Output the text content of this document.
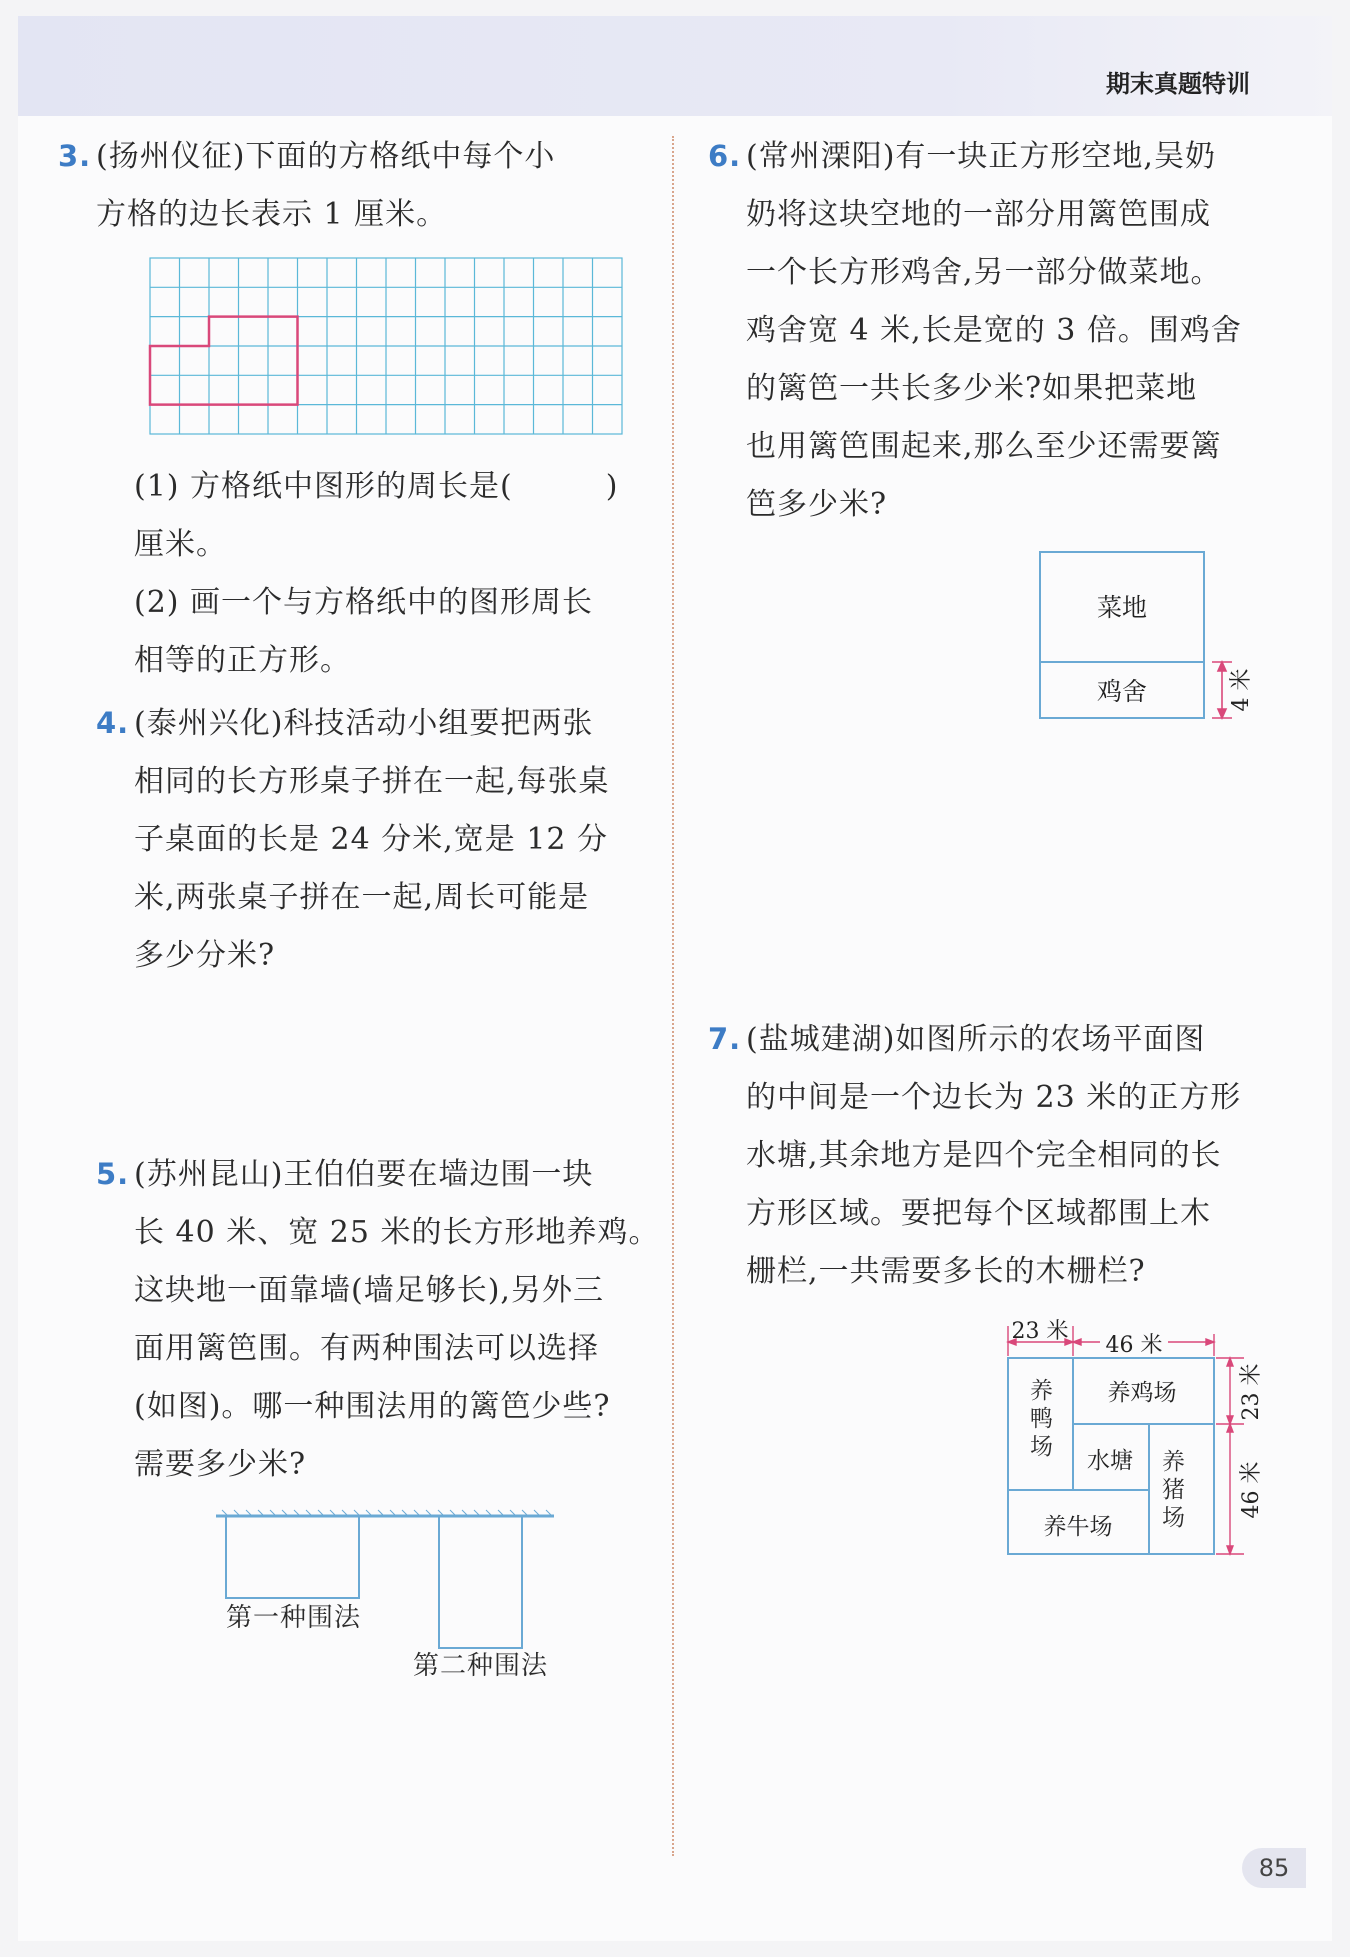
期末真题特训
3. (扬州仪征)下面的方格纸中每个小
方格的边长表示 1 厘米。
(1) 方格纸中图形的周长是(　　　)
厘米。
(2) 画一个与方格纸中的图形周长
相等的正方形。
4. (泰州兴化)科技活动小组要把两张
相同的长方形桌子拼在一起,每张桌
子桌面的长是 24 分米,宽是 12 分
米,两张桌子拼在一起,周长可能是
多少分米?
5. (苏州昆山)王伯伯要在墙边围一块
长 40 米、宽 25 米的长方形地养鸡。
这块地一面靠墙(墙足够长),另外三
面用篱笆围。有两种围法可以选择
(如图)。哪一种围法用的篱笆少些?
需要多少米?
第一种围法
第二种围法
6. (常州溧阳)有一块正方形空地,吴奶
奶将这块空地的一部分用篱笆围成
一个长方形鸡舍,另一部分做菜地。
鸡舍宽 4 米,长是宽的 3 倍。围鸡舍
的篱笆一共长多少米?如果把菜地
也用篱笆围起来,那么至少还需要篱
笆多少米?
菜地
鸡舍	4 米
7. (盐城建湖)如图所示的农场平面图
的中间是一个边长为 23 米的正方形
水塘,其余地方是四个完全相同的长
方形区域。要把每个区域都围上木
栅栏,一共需要多长的木栅栏?
23 米
46 米
23 米
46 米
养鸡场
水塘
养牛场
养鸭场
养猪场
85
